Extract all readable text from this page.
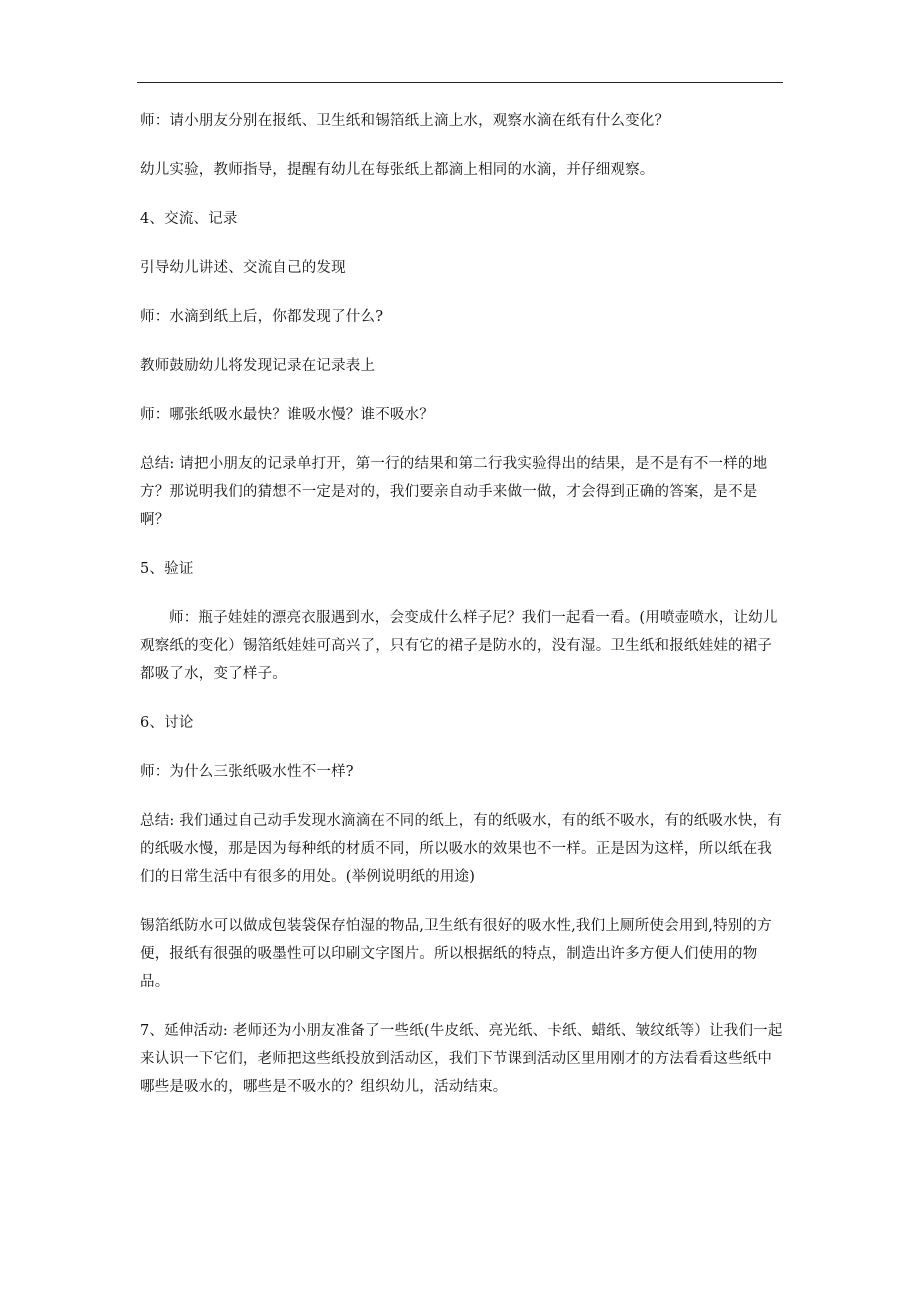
师：请小朋友分别在报纸、卫生纸和锡箔纸上滴上水，观察水滴在纸有什么变化？

幼儿实验，教师指导，提醒有幼儿在每张纸上都滴上相同的水滴，并仔细观察。

4、交流、记录

引导幼儿讲述、交流自己的发现

师：水滴到纸上后，你都发现了什么?

教师鼓励幼儿将发现记录在记录表上

师：哪张纸吸水最快？谁吸水慢？谁不吸水？

总结: 请把小朋友的记录单打开，第一行的结果和第二行我实验得出的结果，是不是有不一样的地方？那说明我们的猜想不一定是对的，我们要亲自动手来做一做，才会得到正确的答案，是不是啊？

5、验证

师：瓶子娃娃的漂亮衣服遇到水，会变成什么样子尼？我们一起看一看。(用喷壶喷水，让幼儿观察纸的变化）锡箔纸娃娃可高兴了，只有它的裙子是防水的，没有湿。卫生纸和报纸娃娃的裙子都吸了水，变了样子。

6、讨论

师：为什么三张纸吸水性不一样?

总结: 我们通过自己动手发现水滴滴在不同的纸上，有的纸吸水，有的纸不吸水，有的纸吸水快，有的纸吸水慢，那是因为每种纸的材质不同，所以吸水的效果也不一样。正是因为这样，所以纸在我们的日常生活中有很多的用处。(举例说明纸的用途)

锡箔纸防水可以做成包装袋保存怕湿的物品,卫生纸有很好的吸水性,我们上厕所使会用到,特别的方便，报纸有很强的吸墨性可以印刷文字图片。所以根据纸的特点，制造出许多方便人们使用的物品。

7、延伸活动: 老师还为小朋友准备了一些纸(牛皮纸、亮光纸、卡纸、蜡纸、皱纹纸等）让我们一起来认识一下它们，老师把这些纸投放到活动区，我们下节课到活动区里用刚才的方法看看这些纸中哪些是吸水的，哪些是不吸水的？组织幼儿，活动结束。
